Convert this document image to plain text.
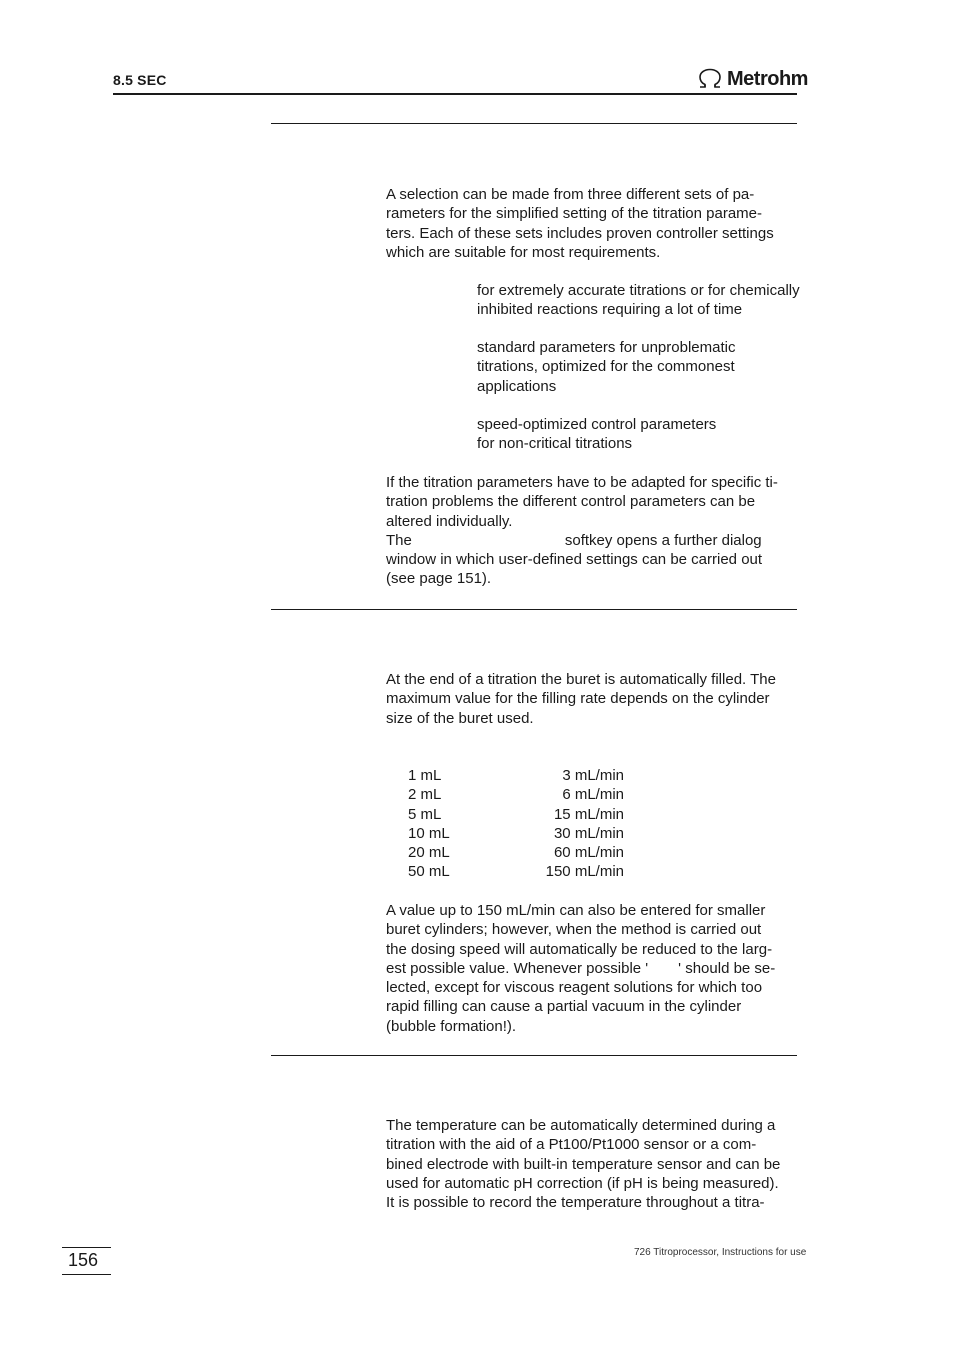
8.5 SEC	Metrohm
A selection can be made from three different sets of pa-
rameters for the simplified setting of the titration parame-
ters. Each of these sets includes proven controller settings
which are suitable for most requirements.
for extremely accurate titrations or for chemically
inhibited reactions requiring a lot of time
standard parameters for unproblematic
titrations, optimized for the commonest
applications
speed-optimized control parameters
for non-critical titrations
If the titration parameters have to be adapted for specific ti-
tration problems the different control parameters can be
altered individually.
The	softkey opens a further dialog
window in which user-defined settings can be carried out
(see page 151).
At the end of a titration the buret is automatically filled. The
maximum value for the filling rate depends on the cylinder
size of the buret used.
1 mL	3 mL/min
2 mL	6 mL/min
5 mL	15 mL/min
10 mL	30 mL/min
20 mL	60 mL/min
50 mL	150 mL/min
A value up to 150 mL/min can also be entered for smaller
buret cylinders; however, when the method is carried out
the dosing speed will automatically be reduced to the larg-
est possible value. Whenever possible ' ' should be se-
lected, except for viscous reagent solutions for which too
rapid filling can cause a partial vacuum in the cylinder
(bubble formation!).
The temperature can be automatically determined during a
titration with the aid of a Pt100/Pt1000 sensor or a com-
bined electrode with built-in temperature sensor and can be
used for automatic pH correction (if pH is being measured).
It is possible to record the temperature throughout a titra-
156	726 Titroprocessor, Instructions for use
